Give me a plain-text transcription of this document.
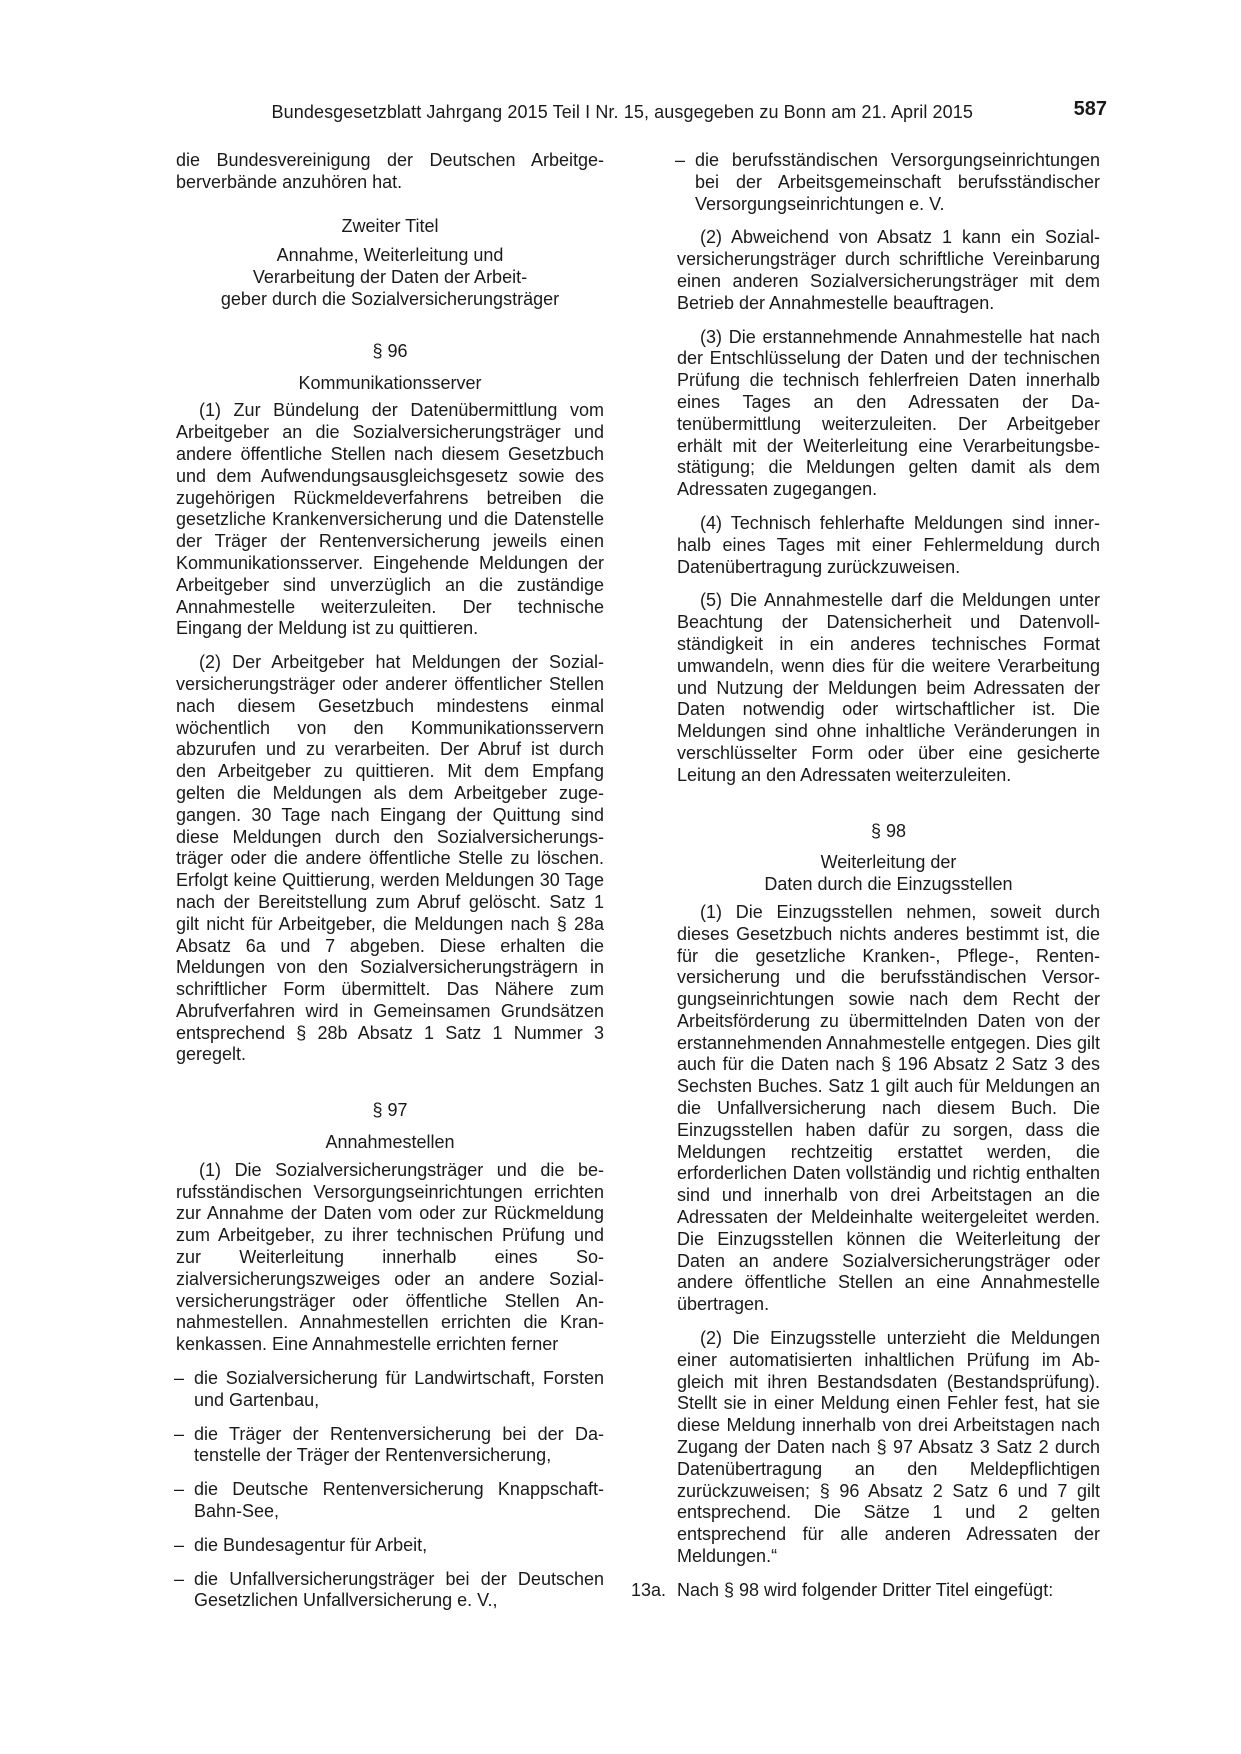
Bundesgesetzblatt Jahrgang 2015 Teil I Nr. 15, ausgegeben zu Bonn am 21. April 2015	587

die Bundesvereinigung der Deutschen Arbeitgeberverbände anzuhören hat.

Zweiter Titel

Annahme, Weiterleitung und

Verarbeitung der Daten der Arbeit-

geber durch die Sozialversicherungsträger

§ 96

Kommunikationsserver

(1) Zur Bündelung der Datenübermittlung vom Arbeitgeber an die Sozialversicherungsträger und andere öffentliche Stellen nach diesem Gesetzbuch und dem Aufwendungsausgleichsgesetz sowie des zugehörigen Rückmeldeverfahrens betreiben die gesetzliche Krankenversicherung und die Datenstelle der Träger der Rentenversicherung jeweils einen Kommunikationsserver. Eingehende Meldungen der Arbeitgeber sind unverzüglich an die zuständige Annahmestelle weiterzuleiten. Der technische Eingang der Meldung ist zu quittieren.

(2) Der Arbeitgeber hat Meldungen der Sozialversicherungsträger oder anderer öffentlicher Stellen nach diesem Gesetzbuch mindestens einmal wöchentlich von den Kommunikationsservern abzurufen und zu verarbeiten. Der Abruf ist durch den Arbeitgeber zu quittieren. Mit dem Empfang gelten die Meldungen als dem Arbeitgeber zugegangen. 30 Tage nach Eingang der Quittung sind diese Meldungen durch den Sozialversicherungsträger oder die andere öffentliche Stelle zu löschen. Erfolgt keine Quittierung, werden Meldungen 30 Tage nach der Bereitstellung zum Abruf gelöscht. Satz 1 gilt nicht für Arbeitgeber, die Meldungen nach § 28a Absatz 6a und 7 abgeben. Diese erhalten die Meldungen von den Sozialversicherungsträgern in schriftlicher Form übermittelt. Das Nähere zum Abrufverfahren wird in Gemeinsamen Grundsätzen entsprechend § 28b Absatz 1 Satz 1 Nummer 3 geregelt.

§ 97

Annahmestellen

(1) Die Sozialversicherungsträger und die berufsständischen Versorgungseinrichtungen errichten zur Annahme der Daten vom oder zur Rückmeldung zum Arbeitgeber, zu ihrer technischen Prüfung und zur Weiterleitung innerhalb eines Sozialversicherungszweiges oder an andere Sozialversicherungsträger oder öffentliche Stellen Annahmestellen. Annahmestellen errichten die Krankenkassen. Eine Annahmestelle errichten ferner

– die Sozialversicherung für Landwirtschaft, Forsten und Gartenbau,
– die Träger der Rentenversicherung bei der Datenstelle der Träger der Rentenversicherung,
– die Deutsche Rentenversicherung Knappschaft-Bahn-See,
– die Bundesagentur für Arbeit,
– die Unfallversicherungsträger bei der Deutschen Gesetzlichen Unfallversicherung e. V.,
– die berufsständischen Versorgungseinrichtungen bei der Arbeitsgemeinschaft berufsständischer Versorgungseinrichtungen e. V.

(2) Abweichend von Absatz 1 kann ein Sozialversicherungsträger durch schriftliche Vereinbarung einen anderen Sozialversicherungsträger mit dem Betrieb der Annahmestelle beauftragen.

(3) Die erstannehmende Annahmestelle hat nach der Entschlüsselung der Daten und der technischen Prüfung die technisch fehlerfreien Daten innerhalb eines Tages an den Adressaten der Datenübermittlung weiterzuleiten. Der Arbeitgeber erhält mit der Weiterleitung eine Verarbeitungsbestätigung; die Meldungen gelten damit als dem Adressaten zugegangen.

(4) Technisch fehlerhafte Meldungen sind innerhalb eines Tages mit einer Fehlermeldung durch Datenübertragung zurückzuweisen.

(5) Die Annahmestelle darf die Meldungen unter Beachtung der Datensicherheit und Datenvollständigkeit in ein anderes technisches Format umwandeln, wenn dies für die weitere Verarbeitung und Nutzung der Meldungen beim Adressaten der Daten notwendig oder wirtschaftlicher ist. Die Meldungen sind ohne inhaltliche Veränderungen in verschlüsselter Form oder über eine gesicherte Leitung an den Adressaten weiterzuleiten.

§ 98

Weiterleitung der

Daten durch die Einzugsstellen

(1) Die Einzugsstellen nehmen, soweit durch dieses Gesetzbuch nichts anderes bestimmt ist, die für die gesetzliche Kranken-, Pflege-, Rentenversicherung und die berufsständischen Versorgungseinrichtungen sowie nach dem Recht der Arbeitsförderung zu übermittelnden Daten von der erstannehmenden Annahmestelle entgegen. Dies gilt auch für die Daten nach § 196 Absatz 2 Satz 3 des Sechsten Buches. Satz 1 gilt auch für Meldungen an die Unfallversicherung nach diesem Buch. Die Einzugsstellen haben dafür zu sorgen, dass die Meldungen rechtzeitig erstattet werden, die erforderlichen Daten vollständig und richtig enthalten sind und innerhalb von drei Arbeitstagen an die Adressaten der Meldeinhalte weitergeleitet werden. Die Einzugsstellen können die Weiterleitung der Daten an andere Sozialversicherungsträger oder andere öffentliche Stellen an eine Annahmestelle übertragen.

(2) Die Einzugsstelle unterzieht die Meldungen einer automatisierten inhaltlichen Prüfung im Abgleich mit ihren Bestandsdaten (Bestandsprüfung). Stellt sie in einer Meldung einen Fehler fest, hat sie diese Meldung innerhalb von drei Arbeitstagen nach Zugang der Daten nach § 97 Absatz 3 Satz 2 durch Datenübertragung an den Meldepflichtigen zurückzuweisen; § 96 Absatz 2 Satz 6 und 7 gilt entsprechend. Die Sätze 1 und 2 gelten entsprechend für alle anderen Adressaten der Meldungen.“

13a. Nach § 98 wird folgender Dritter Titel eingefügt:
